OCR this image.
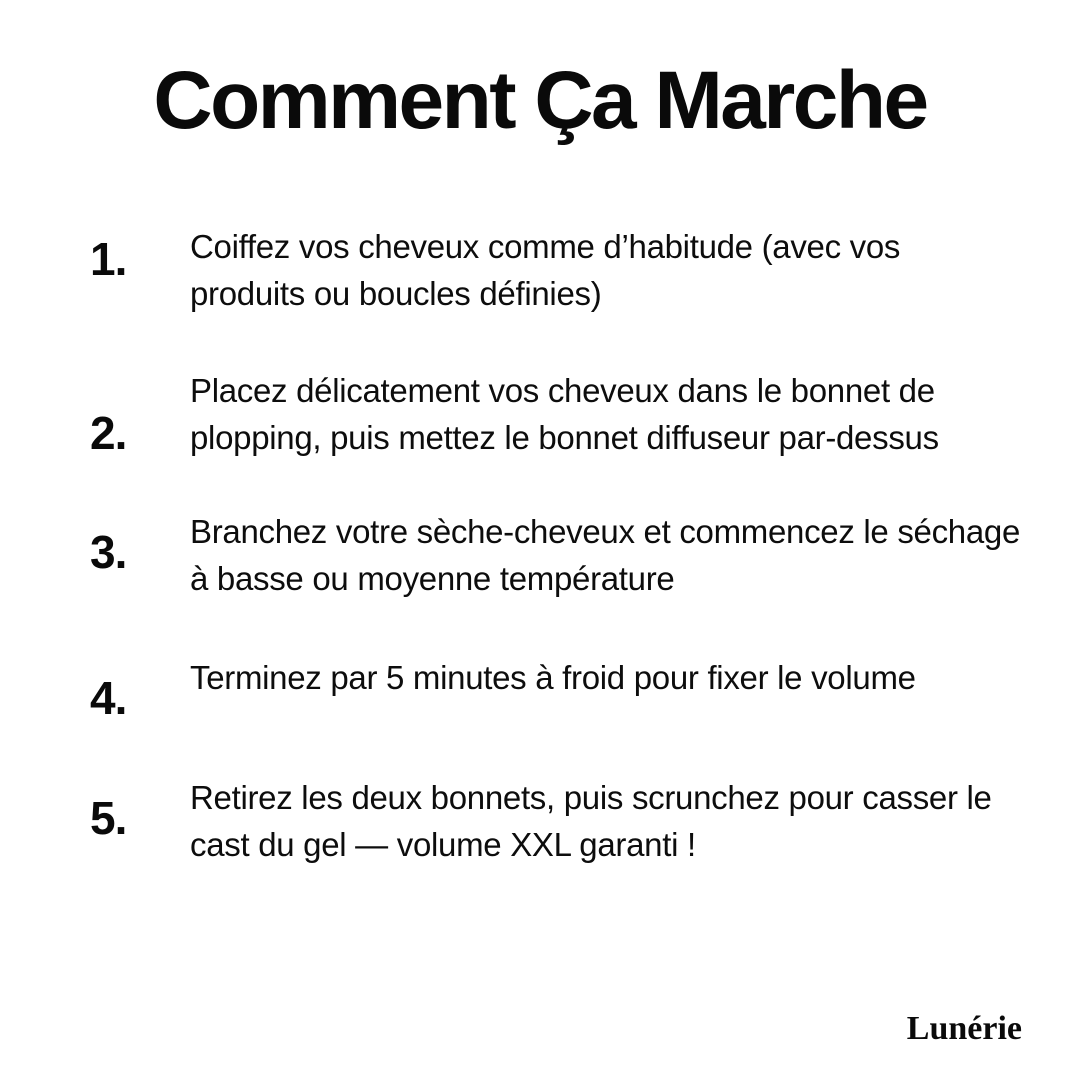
Comment Ça Marche
1.	Coiffez vos cheveux comme d’habitude (avec vos produits ou boucles définies)
2.
Placez délicatement vos cheveux dans le bonnet de plopping, puis mettez le bonnet diffuseur par-dessus
3.	Branchez votre sèche-cheveux et commencez le séchage à basse ou moyenne température
4.	Terminez par 5 minutes à froid pour fixer le volume
5.	Retirez les deux bonnets, puis scrunchez pour casser le cast du gel — volume XXL garanti !
Lunérie
